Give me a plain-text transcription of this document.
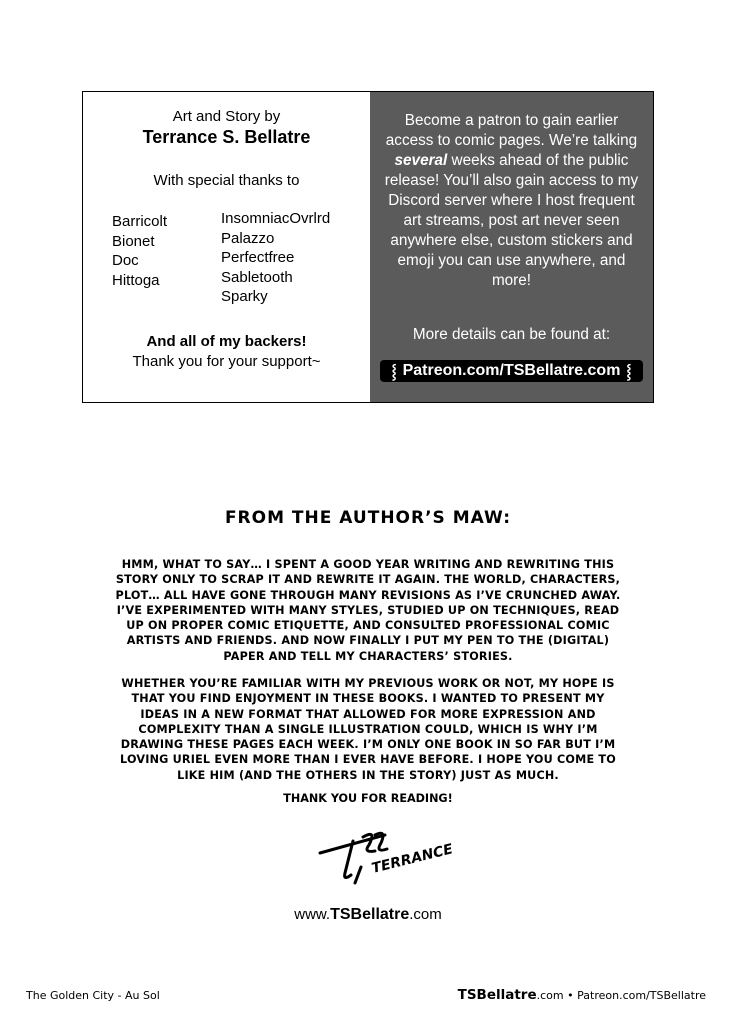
Art and Story by
Terrance S. Bellatre
With special thanks to
Barricolt
Bionet
Doc
Hittoga
InsomniacOvrlrd
Palazzo
Perfectfree
Sabletooth
Sparky
And all of my backers!
Thank you for your support~
Become a patron to gain earlier access to comic pages. We’re talking several weeks ahead of the public release! You’ll also gain access to my Discord server where I host frequent art streams, post art never seen anywhere else, custom stickers and emoji you can use anywhere, and more!
More details can be found at:
⸾ Patreon.com/TSBellatre.com ⸾
FROM THE AUTHOR’S MAW:
HMM, WHAT TO SAY… I SPENT A GOOD YEAR WRITING AND REWRITING THIS
STORY ONLY TO SCRAP IT AND REWRITE IT AGAIN. THE WORLD, CHARACTERS,
PLOT… ALL HAVE GONE THROUGH MANY REVISIONS AS I’VE CRUNCHED AWAY.
I’VE EXPERIMENTED WITH MANY STYLES, STUDIED UP ON TECHNIQUES, READ
UP ON PROPER COMIC ETIQUETTE, AND CONSULTED PROFESSIONAL COMIC
ARTISTS AND FRIENDS. AND NOW FINALLY I PUT MY PEN TO THE (DIGITAL)
PAPER AND TELL MY CHARACTERS’ STORIES.
WHETHER YOU’RE FAMILIAR WITH MY PREVIOUS WORK OR NOT, MY HOPE IS
THAT YOU FIND ENJOYMENT IN THESE BOOKS. I WANTED TO PRESENT MY
IDEAS IN A NEW FORMAT THAT ALLOWED FOR MORE EXPRESSION AND
COMPLEXITY THAN A SINGLE ILLUSTRATION COULD, WHICH IS WHY I’M
DRAWING THESE PAGES EACH WEEK. I’M ONLY ONE BOOK IN SO FAR BUT I’M
LOVING URIEL EVEN MORE THAN I EVER HAVE BEFORE. I HOPE YOU COME TO
LIKE HIM (AND THE OTHERS IN THE STORY) JUST AS MUCH.
THANK YOU FOR READING!
TERRANCE
www.TSBellatre.com
The Golden City - Au Sol	TSBellatre.com • Patreon.com/TSBellatre
